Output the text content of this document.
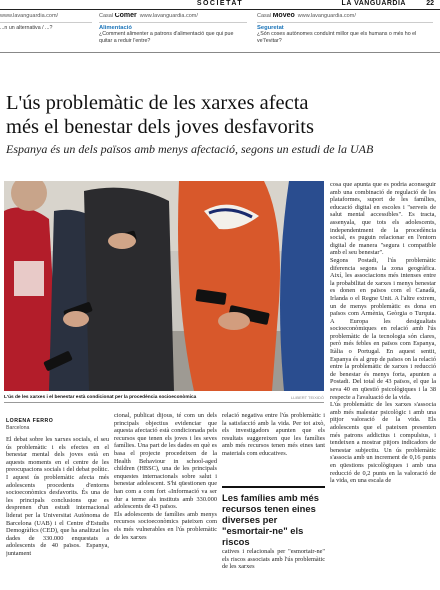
SOCIETAT	LA VANGUARDIA	22
www.lavanguardia.com/
...n un alternativa / ...?
Casal Comer www.lavanguardia.com/
Alimentació
¿Comment alimenter a patrons d'alimentació que qui pue quitar a reduir l'entre?
Casal Moveo www.lavanguardia.com/
Seguretat
¿Són coses autònomes conduïnt millor que els humans o més ho el ve'l'evitar?
L'ús problemàtic de les xarxes afecta
més el benestar dels joves desfavorits
Espanya és un dels països amb menys afectació, segons un estudi de la UAB
L'ús de les xarxes i el benestar està condicionat per la procedència socioeconòmica	LLIBERT TEIXIDÓ
LORENA FERRO
Barcelona
El debat sobre les xarxes socials, el seu ús problemàtic i els efectes en el benestar mental dels joves està en aquests moments en el centre de les preocupacions socials i del debat polític. I aquest ús problemàtic afecta més adolescents procedents d'entorns socioeconòmics desfavorits. És una de les principals conclusions que es desprenen d'un estudi internacional liderat per la Universitat Autònoma de Barcelona (UAB) i el Centre d'Estudis Demogràfics (CED), que ha analitzat les dades de 330.000 enquestats a adolescents de 40 països. Espanya, juntament
cional, publicat dijous, té com un dels principals objectius evidenciar que aquesta afectació està condicionada pels recursos que tenen els joves i les seves famílies. Una part de les dades en què es basa el projecte procedeixen de la Health Behaviour in school-aged children (HBSC), una de les principals enquestes internacionals sobre salut i benestar adolescent. S'hi qüestionen que han com a com fort «Informació va ser dur a terme als instituts amb 330.000 adolescents de 43 països.
Els adolescents de famílies amb menys recursos socioeconòmics pateixen com els més vulnerables en l'ús problemàtic de les xarxes
relació negativa entre l'ús problemàtic i la satisfacció amb la vida. Per tot això, els investigadors apunten que els resultats suggereixen que les famílies amb més recursos tenen més eines tant materials com educatives.
Les famílies amb més recursos tenen eines diverses per "esmortair-ne" els riscos
catives i relacionals per "esmortair-ne" els riscos associats amb l'ús problemàtic de les xarxes
cosa que apunta que es podria aconseguir amb una combinació de regulació de les plataformes, suport de les famílies, educació digital en escoles i "serveis de salut mental accessibles". Es tracta, assenyala, que tots els adolescents, independentment de la procedència social, es puguin relacionar en l'entorn digital de manera "segura i compatible amb el seu benestar".
Segons Postadi, l'ús problemàtic diferencia segons la zona geogràfica. Així, les associacions més intenses entre la probabilitat de xarxes i menys benestar es donen en països com el Canadà, Irlanda o el Regne Unit. A l'altre extrem, un de menys problemàtic es dona en països com Armènia, Geòrgia o Turquia. A Europa les desigualtats socioeconòmiques en relació amb l'ús problemàtic de la tecnologia són clares, però més febles en països com Espanya, Itàlia o Portugal. En aquest sentit, Espanya és al grup de països on la relació entre la problemàtic de xarxes i reducció de benestar és menys forta, apunten a Postadi. Del total de 43 països, el que la seva 40 en qüestió psicològiques i la 38 respecte a l'avaluació de la vida.
L'ús problemàtic de les xarxes s'associa amb més malestar psicològic i amb una pitjor valoració de la vida. Els adolescents que el pateixen presenten més patrons addictius i compulsius, i tendeixen a mostrar pitjors indicadors de benestar subjectiu. Un ús problemàtic s'associa amb un increment de 0,16 punts en qüestions psicològiques i amb una reducció de 0,2 punts en la valoració de la vida, en una escala de
